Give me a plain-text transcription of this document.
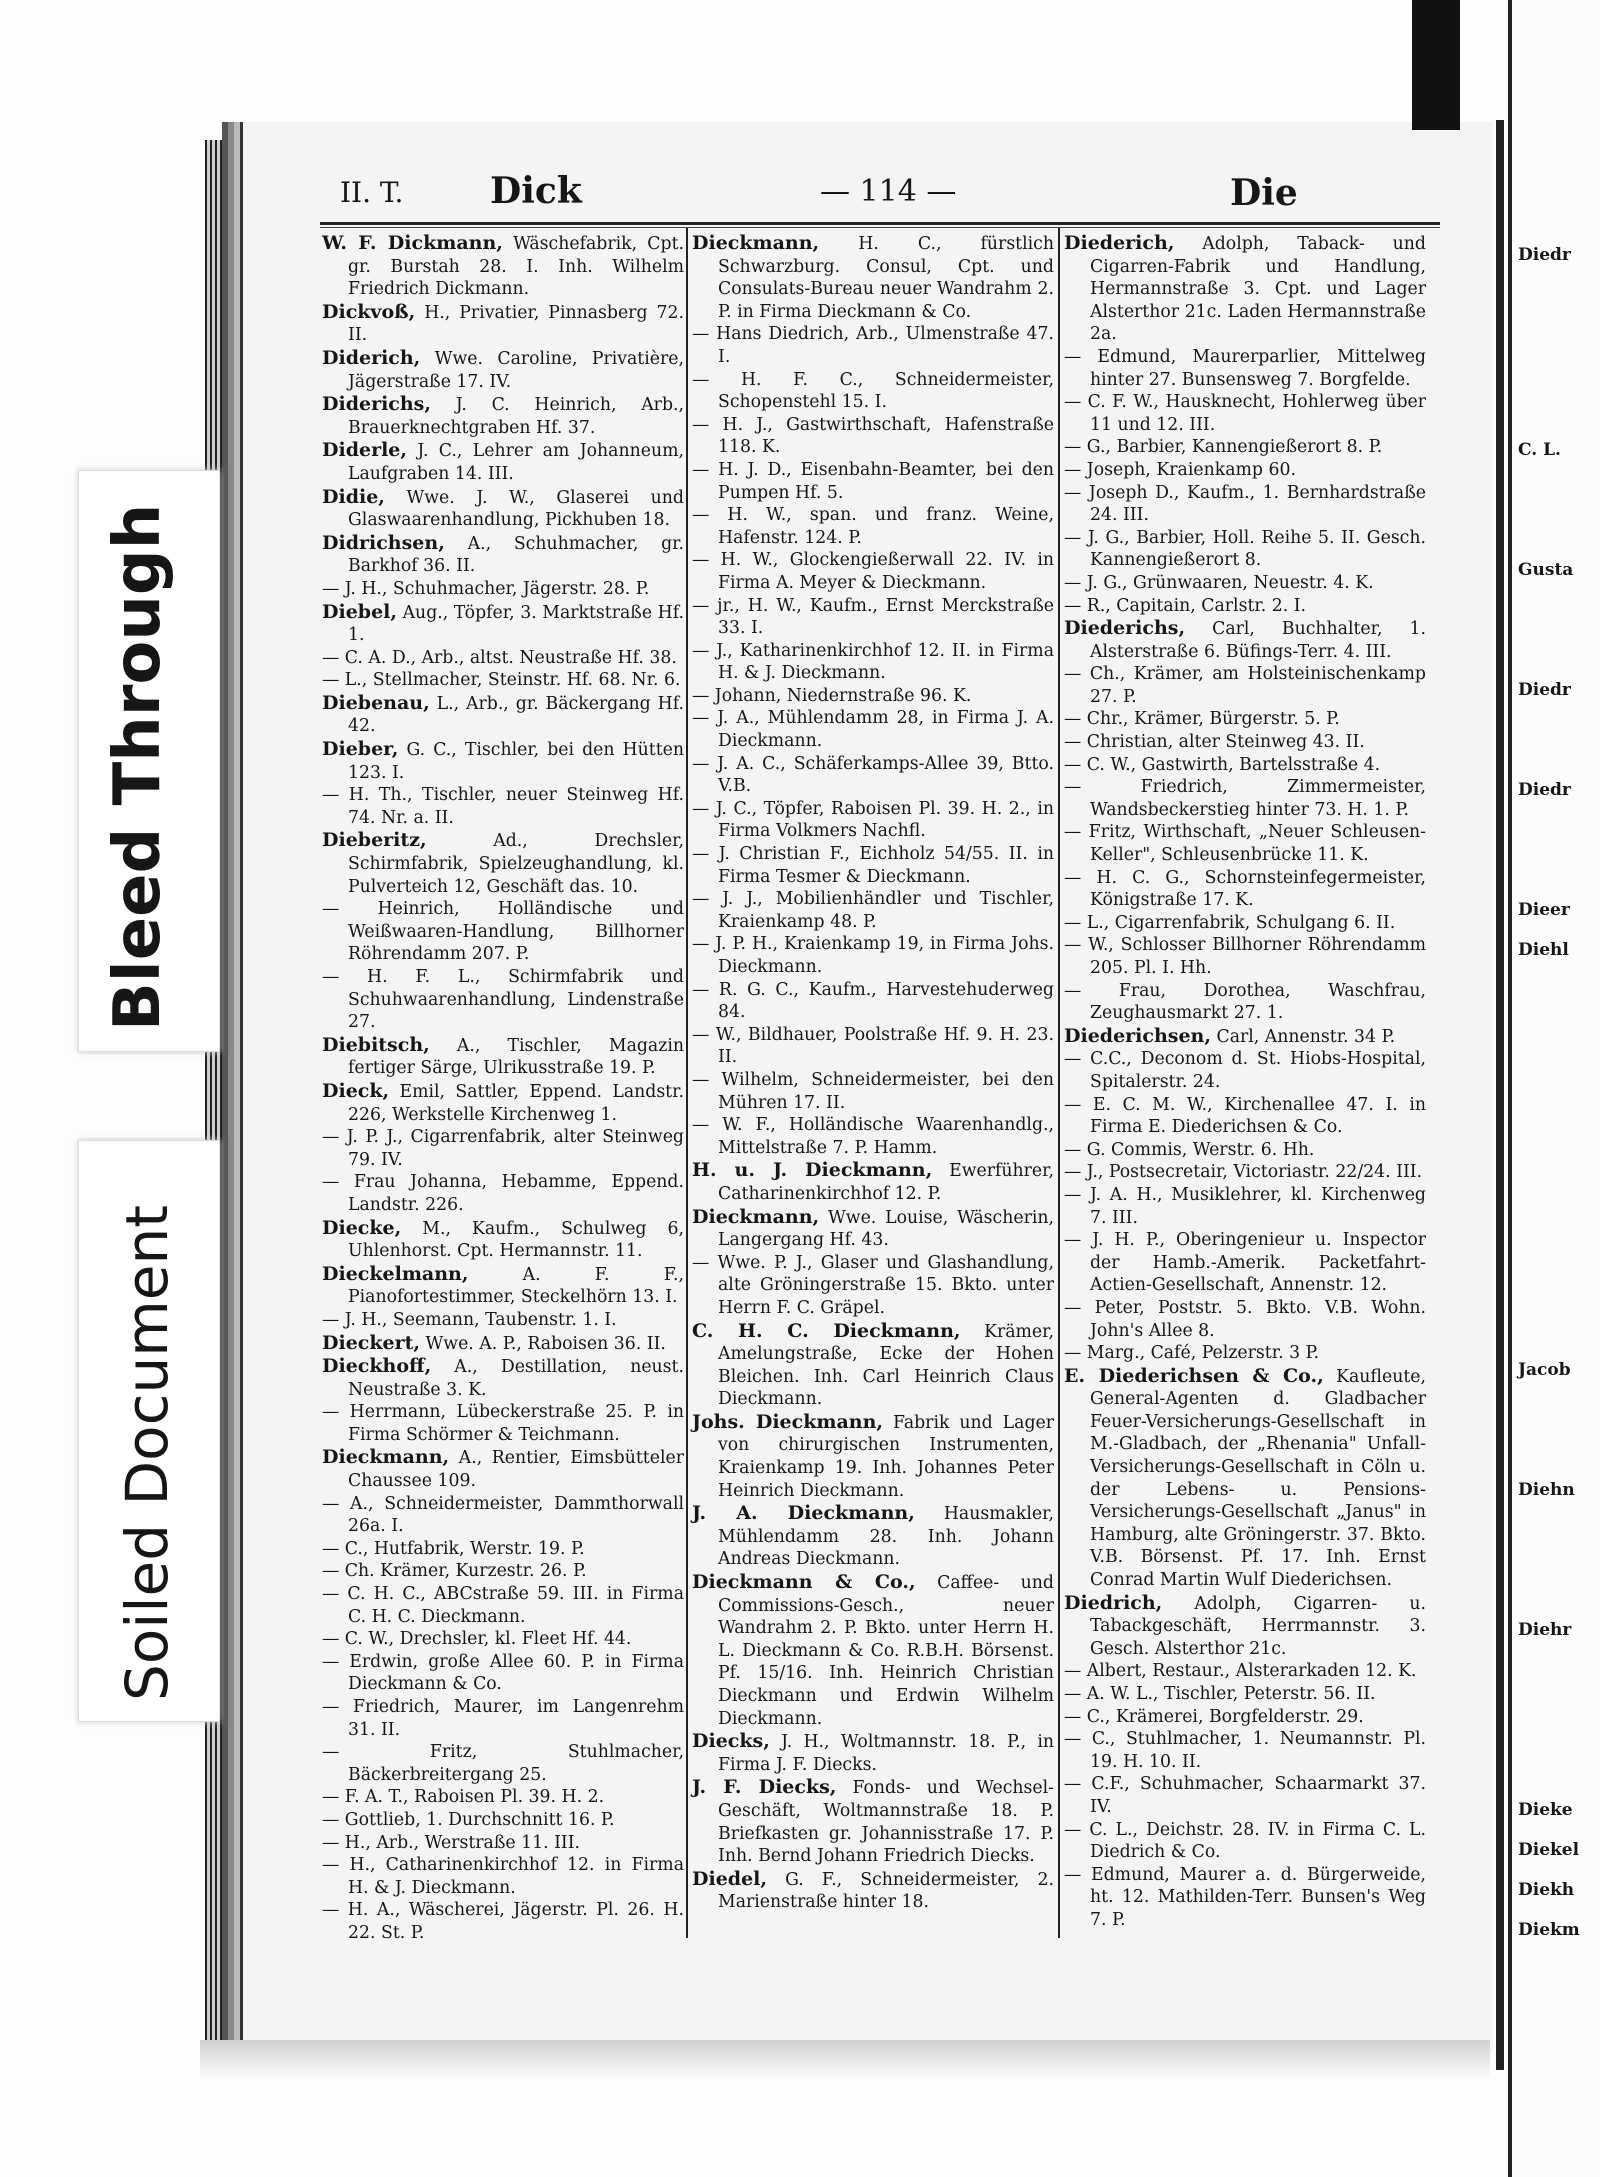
II. T. Dick	— 114 —	Die

W. F. Dickmann, Wäschefabrik, Cpt. gr. Burstah 28. I. Inh. Wilhelm Friedrich Dickmann.

Dickvoß, H., Privatier, Pinnasberg 72. II.

Diderich, Wwe. Caroline, Privatière, Jägerstraße 17. IV.

Diderichs, J. C. Heinrich, Arb., Brauerknechtgraben Hf. 37.

Diderle, J. C., Lehrer am Johanneum, Laufgraben 14. III.

Didie, Wwe. J. W., Glaserei und Glaswaarenhandlung, Pickhuben 18.

Didrichsen, A., Schuhmacher, gr. Barkhof 36. II.

— J. H., Schuhmacher, Jägerstr. 28. P.

Diebel, Aug., Töpfer, 3. Marktstraße Hf. 1.

— C. A. D., Arb., altst. Neustraße Hf. 38.

— L., Stellmacher, Steinstr. Hf. 68. Nr. 6.

Diebenau, L., Arb., gr. Bäckergang Hf. 42.

Dieber, G. C., Tischler, bei den Hütten 123. I.

— H. Th., Tischler, neuer Steinweg Hf. 74. Nr. a. II.

Dieberitz,	Ad., Drechsler, Schirmfabrik, Spielzeughandlung, kl. Pulverteich 12, Geschäft das. 10.

— Heinrich, Holländische und Weißwaaren-Handlung, Billhorner Röhrendamm 207. P.

— H. F. L., Schirmfabrik und Schuhwaarenhandlung, Lindenstraße 27.

Diebitsch, A., Tischler, Magazin fertiger Särge, Ulrikusstraße 19. P.

Dieck, Emil, Sattler, Eppend. Landstr. 226, Werkstelle Kirchenweg 1.

— J. P. J., Cigarrenfabrik, alter Steinweg 79. IV.

— Frau Johanna, Hebamme, Eppend. Landstr. 226.

Diecke, M., Kaufm., Schulweg 6, Uhlenhorst. Cpt. Hermannstr. 11.

Dieckelmann,	A. F. F., Pianofortestimmer, Steckelhörn 13. I.

— J. H., Seemann, Taubenstr. 1. I.

Dieckert, Wwe. A. P., Raboisen 36. II.

Dieckhoff, A., Destillation, neust. Neustraße 3. K.

— Herrmann, Lübeckerstraße 25. P. in Firma Schörmer & Teichmann.

Dieckmann, A., Rentier, Eimsbütteler Chaussee 109.

— A., Schneidermeister, Dammthorwall 26a. I.

— C., Hutfabrik, Werstr. 19. P.

— Ch. Krämer, Kurzestr. 26. P.

— C. H. C., ABCstraße 59. III. in Firma C. H. C. Dieckmann.

— C. W., Drechsler, kl. Fleet Hf. 44.

— Erdwin, große Allee 60. P. in Firma Dieckmann & Co.

— Friedrich, Maurer, im Langenrehm 31. II.

— Fritz, Stuhlmacher, Bäckerbreitergang 25.

— F. A. T., Raboisen Pl. 39. H. 2.

— Gottlieb, 1. Durchschnitt 16. P.

— H., Arb., Werstraße 11. III.

— H., Catharinenkirchhof 12. in Firma H. & J. Dieckmann.

— H. A., Wäscherei, Jägerstr. Pl. 26. H. 22. St. P.

Dieckmann, H. C., fürstlich Schwarzburg. Consul, Cpt. und Consulats-Bureau neuer Wandrahm 2. P. in Firma Dieckmann & Co.

— Hans Diedrich, Arb., Ulmenstraße 47. I.

— H. F. C., Schneidermeister, Schopenstehl 15. I.

— H. J., Gastwirthschaft, Hafenstraße 118. K.

— H. J. D., Eisenbahn-Beamter, bei den Pumpen Hf. 5.

— H. W., span. und franz. Weine, Hafenstr. 124. P.

— H. W., Glockengießerwall 22. IV. in Firma A. Meyer & Dieckmann.

— jr., H. W., Kaufm., Ernst Merckstraße 33. I.

— J., Katharinenkirchhof 12. II. in Firma H. & J. Dieckmann.

— Johann, Niedernstraße 96. K.

— J. A., Mühlendamm 28, in Firma J. A. Dieckmann.

— J. A. C., Schäferkamps-Allee 39, Btto. V.B.

— J. C., Töpfer, Raboisen Pl. 39. H. 2., in Firma Volkmers Nachfl.

— J. Christian F., Eichholz 54/55. II. in Firma Tesmer & Dieckmann.

— J. J., Mobilienhändler und Tischler, Kraienkamp 48. P.

— J. P. H., Kraienkamp 19, in Firma Johs. Dieckmann.

— R. G. C., Kaufm., Harvestehuderweg 84.

— W., Bildhauer, Poolstraße Hf. 9. H. 23. II.

— Wilhelm, Schneidermeister, bei den Mühren 17. II.

— W. F., Holländische Waarenhandlg., Mittelstraße 7. P. Hamm.

H. u. J. Dieckmann, Ewerführer, Catharinenkirchhof 12. P.

Dieckmann, Wwe. Louise, Wäscherin, Langergang Hf. 43.

— Wwe. P. J., Glaser und Glashandlung, alte Gröningerstraße 15. Bkto. unter Herrn F. C. Gräpel.

C. H. C. Dieckmann, Krämer, Amelungstraße, Ecke der Hohen Bleichen. Inh. Carl Heinrich Claus Dieckmann.

Johs. Dieckmann, Fabrik und Lager von chirurgischen Instrumenten, Kraienkamp 19. Inh. Johannes Peter Heinrich Dieckmann.

J. A. Dieckmann, Hausmakler, Mühlendamm 28. Inh. Johann Andreas Dieckmann.

Dieckmann & Co., Caffee- und Commissions-Gesch., neuer Wandrahm 2. P. Bkto. unter Herrn H. L. Dieckmann & Co. R.B.H. Börsenst. Pf. 15/16. Inh. Heinrich Christian Dieckmann und Erdwin Wilhelm Dieckmann.

Diecks, J. H., Woltmannstr. 18. P., in Firma J. F. Diecks.

J. F. Diecks, Fonds- und Wechsel-Geschäft, Woltmannstraße 18. P. Briefkasten gr. Johannisstraße 17. P. Inh. Bernd Johann Friedrich Diecks.

Diedel, G. F., Schneidermeister, 2. Marienstraße hinter 18.

Diederich, Adolph, Taback- und Cigarren-Fabrik und Handlung, Hermannstraße 3. Cpt. und Lager Alsterthor 21c. Laden Hermannstraße 2a.

— Edmund, Maurerparlier, Mittelweg hinter 27. Bunsensweg 7. Borgfelde.

— C. F. W., Hausknecht, Hohlerweg über 11 und 12. III.

— G., Barbier, Kannengießerort 8. P.

— Joseph, Kraienkamp 60.

— Joseph D., Kaufm., 1. Bernhardstraße 24. III.

— J. G., Barbier, Holl. Reihe 5. II. Gesch. Kannengießerort 8.

— J. G., Grünwaaren, Neuestr. 4. K.

— R., Capitain, Carlstr. 2. I.

Diederichs, Carl, Buchhalter, 1. Alsterstraße 6. Büfings-Terr. 4. III.

— Ch., Krämer, am Holsteinischenkamp 27. P.

— Chr., Krämer, Bürgerstr. 5. P.

— Christian, alter Steinweg 43. II.

— C. W., Gastwirth, Bartelsstraße 4.

— Friedrich, Zimmermeister, Wandsbeckerstieg hinter 73. H. 1. P.

— Fritz, Wirthschaft, „Neuer Schleusen-Keller", Schleusenbrücke 11. K.

— H. C. G., Schornsteinfegermeister, Königstraße 17. K.

— L., Cigarrenfabrik, Schulgang 6. II.

— W., Schlosser Billhorner Röhrendamm 205. Pl. I. Hh.

— Frau, Dorothea, Waschfrau, Zeughausmarkt 27. 1.

Diederichsen, Carl, Annenstr. 34 P.

— C.C., Deconom d. St. Hiobs-Hospital, Spitalerstr. 24.

— E. C. M. W., Kirchenallee 47. I. in Firma E. Diederichsen & Co.

— G. Commis, Werstr. 6. Hh.

— J., Postsecretair, Victoriastr. 22/24. III.

— J. A. H., Musiklehrer, kl. Kirchenweg 7. III.

— J. H. P., Oberingenieur u. Inspector der Hamb.-Amerik. Packetfahrt-Actien-Gesellschaft, Annenstr. 12.

— Peter, Poststr. 5. Bkto. V.B. Wohn. John's Allee 8.

— Marg., Café, Pelzerstr. 3 P.

E. Diederichsen & Co., Kaufleute, General-Agenten d. Gladbacher Feuer-Versicherungs-Gesellschaft in M.-Gladbach, der „Rhenania" Unfall-Versicherungs-Gesellschaft in Cöln u. der Lebens- u. Pensions-Versicherungs-Gesellschaft „Janus" in Hamburg, alte Gröningerstr. 37. Bkto. V.B. Börsenst. Pf. 17. Inh. Ernst Conrad Martin Wulf Diederichsen.

Diedrich, Adolph, Cigarren- u. Tabackgeschäft, Herrmannstr. 3. Gesch. Alsterthor 21c.

— Albert, Restaur., Alsterarkaden 12. K.

— A. W. L., Tischler, Peterstr. 56. II.

— C., Krämerei, Borgfelderstr. 29.

— C., Stuhlmacher, 1. Neumannstr. Pl. 19. H. 10. II.

— C.F., Schuhmacher, Schaarmarkt 37. IV.

— C. L., Deichstr. 28. IV. in Firma C. L. Diedrich & Co.

— Edmund, Maurer a. d. Bürgerweide, ht. 12. Mathilden-Terr. Bunsen's Weg 7. P.

Diedr
C. L.
Gusta
Diedr
Diedr
Dieer
Diehl
Jacob
Diehn
Diehr
Dieke
Diekel
Diekh
Diekm
Bleed Through
Soiled Document
